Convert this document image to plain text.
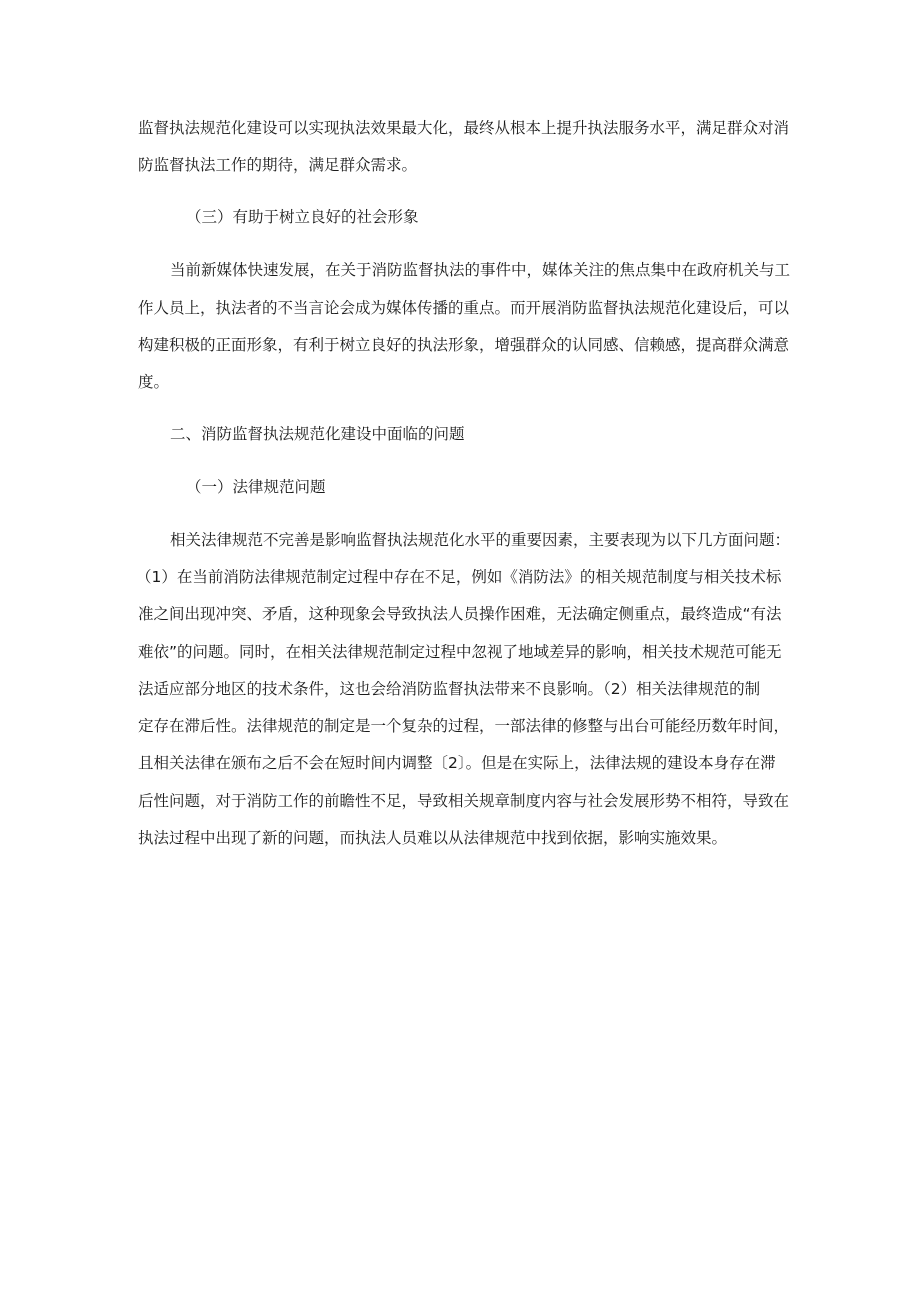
监督执法规范化建设可以实现执法效果最大化，最终从根本上提升执法服务水平，满足群众对消
防监督执法工作的期待，满足群众需求。
（三）有助于树立良好的社会形象
当前新媒体快速发展，在关于消防监督执法的事件中，媒体关注的焦点集中在政府机关与工
作人员上，执法者的不当言论会成为媒体传播的重点。而开展消防监督执法规范化建设后，可以
构建积极的正面形象，有利于树立良好的执法形象，增强群众的认同感、信赖感，提高群众满意
度。
二、消防监督执法规范化建设中面临的问题
（一）法律规范问题
相关法律规范不完善是影响监督执法规范化水平的重要因素，主要表现为以下几方面问题：
（1）在当前消防法律规范制定过程中存在不足，例如《消防法》的相关规范制度与相关技术标
准之间出现冲突、矛盾，这种现象会导致执法人员操作困难，无法确定侧重点，最终造成“有法
难依”的问题。同时，在相关法律规范制定过程中忽视了地域差异的影响，相关技术规范可能无
法适应部分地区的技术条件，这也会给消防监督执法带来不良影响。（2）相关法律规范的制
定存在滞后性。法律规范的制定是一个复杂的过程，一部法律的修整与出台可能经历数年时间，
且相关法律在颁布之后不会在短时间内调整〔2〕。但是在实际上，法律法规的建设本身存在滞
后性问题，对于消防工作的前瞻性不足，导致相关规章制度内容与社会发展形势不相符，导致在
执法过程中出现了新的问题，而执法人员难以从法律规范中找到依据，影响实施效果。
